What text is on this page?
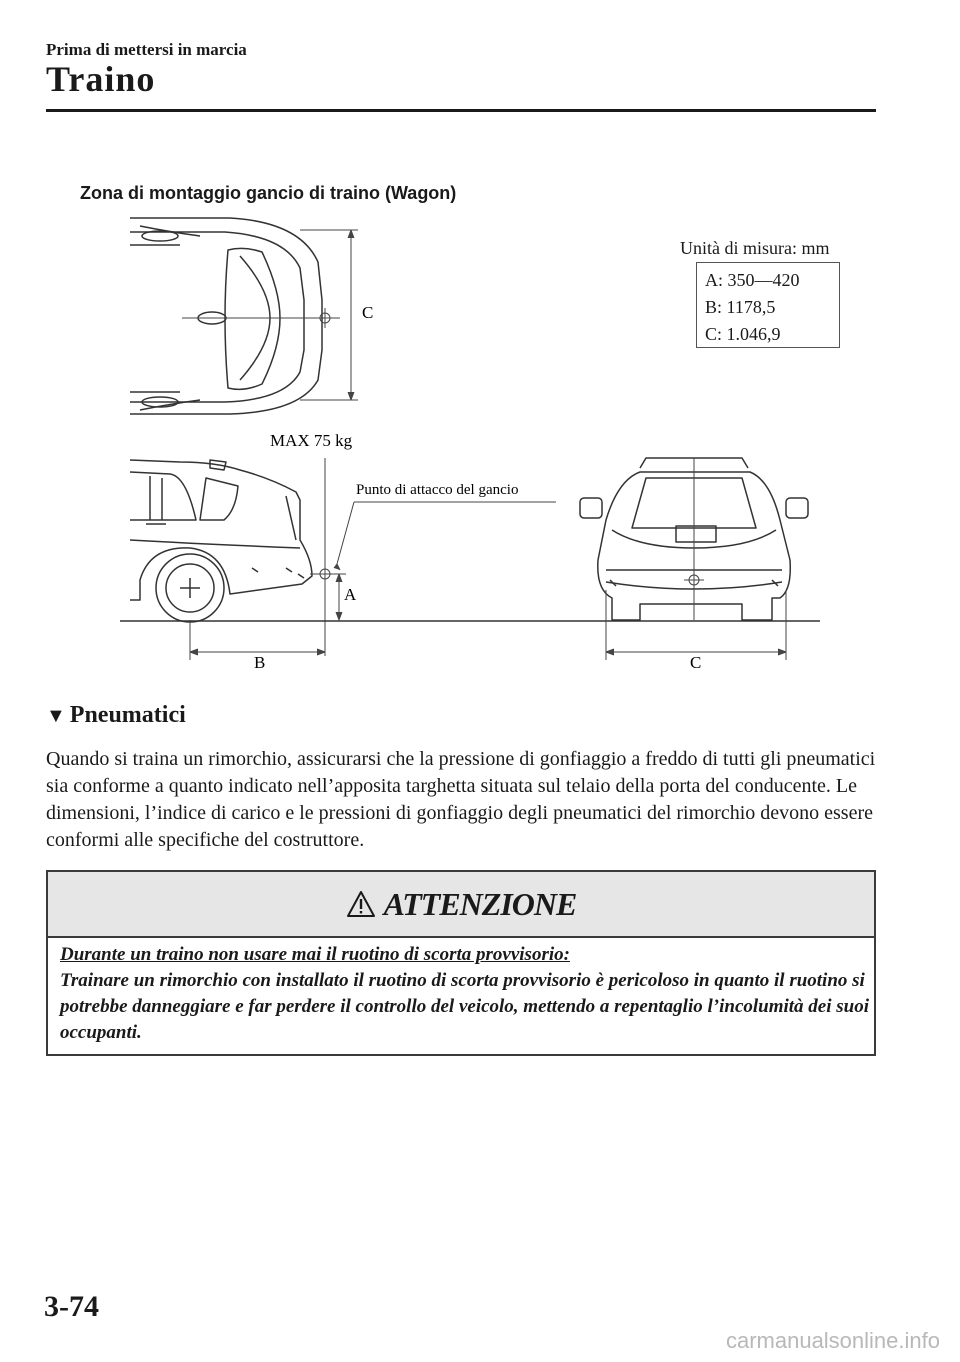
Prima di mettersi in marcia
Traino
Zona di montaggio gancio di traino (Wagon)
C
MAX 75 kg
Punto di attacco del gancio
A
B	C
Unità di misura: mm
A: 350—420
B: 1178,5
C: 1.046,9
▼ Pneumatici
Quando si traina un rimorchio, assicurarsi che la pressione di gonfiaggio a freddo di tutti gli pneumatici sia conforme a quanto indicato nell’apposita targhetta situata sul telaio della porta del conducente. Le dimensioni, l’indice di carico e le pressioni di gonfiaggio degli pneumatici del rimorchio devono essere conformi alle specifiche del costruttore.
ATTENZIONE
Durante un traino non usare mai il ruotino di scorta provvisorio:
Trainare un rimorchio con installato il ruotino di scorta provvisorio è pericoloso in quanto il ruotino si potrebbe danneggiare e far perdere il controllo del veicolo, mettendo a repentaglio l’incolumità dei suoi occupanti.
3-74
carmanualsonline.info
